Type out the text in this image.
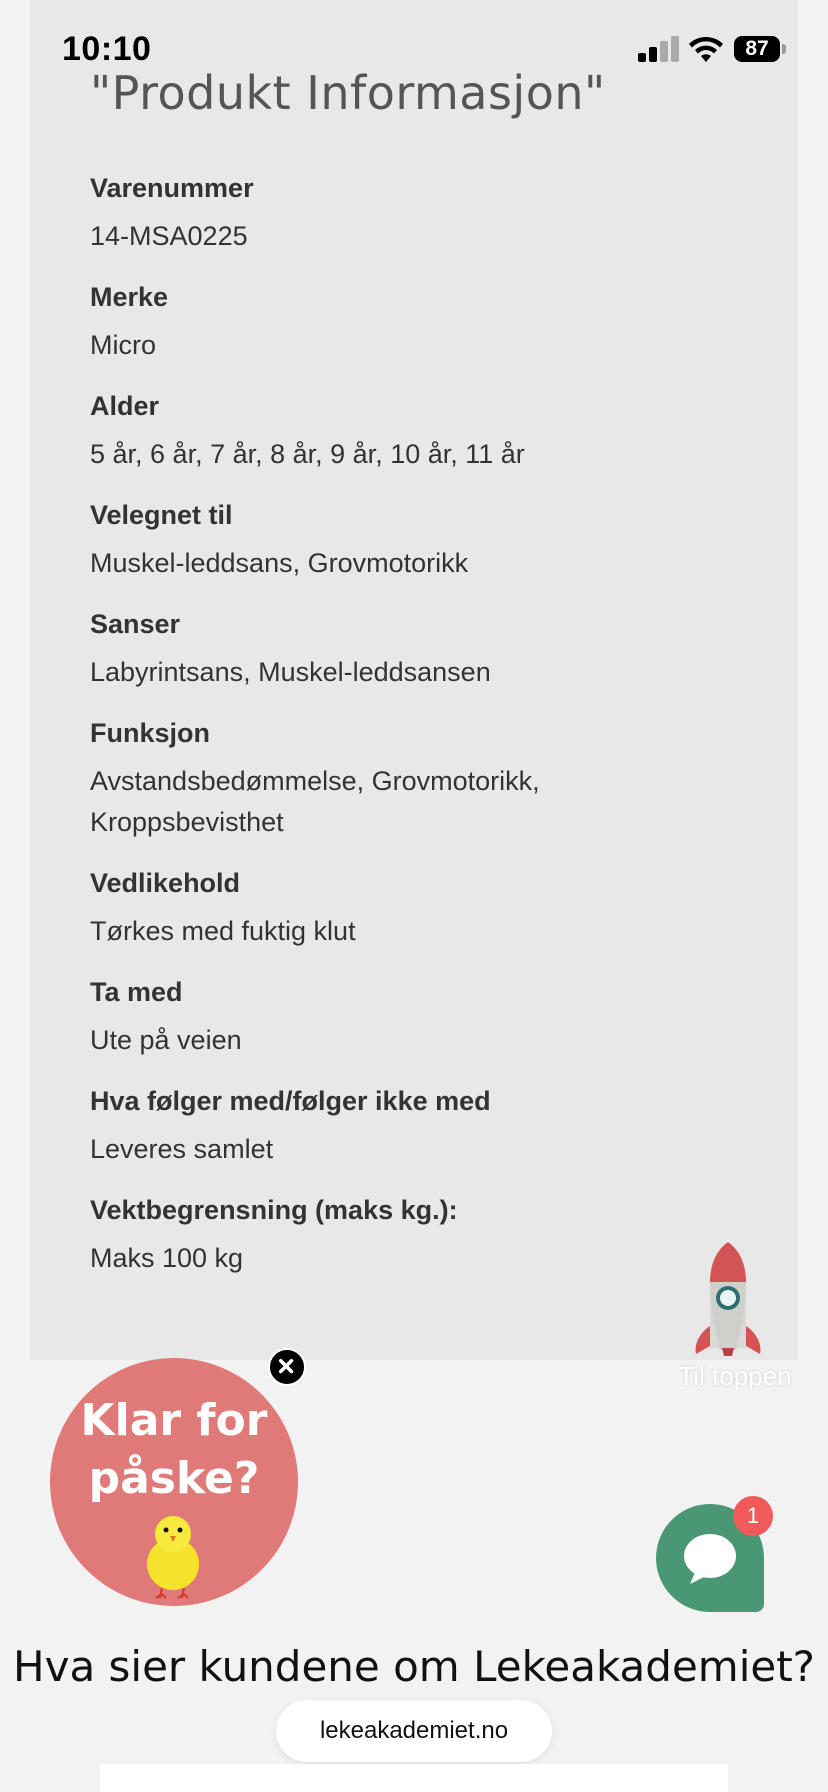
10:10	87
"Produkt Informasjon"
Varenummer
14-MSA0225
Merke
Micro
Alder
5 år, 6 år, 7 år, 8 år, 9 år, 10 år, 11 år
Velegnet til
Muskel-leddsans, Grovmotorikk
Sanser
Labyrintsans, Muskel-leddsansen
Funksjon
Avstandsbedømmelse, Grovmotorikk, Kroppsbevisthet
Vedlikehold
Tørkes med fuktig klut
Ta med
Ute på veien
Hva følger med/følger ikke med
Leveres samlet
Vektbegrensning (maks kg.):
Maks 100 kg
Til toppen
Klar for påske?
1
Hva sier kundene om Lekeakademiet?
lekeakademiet.no
